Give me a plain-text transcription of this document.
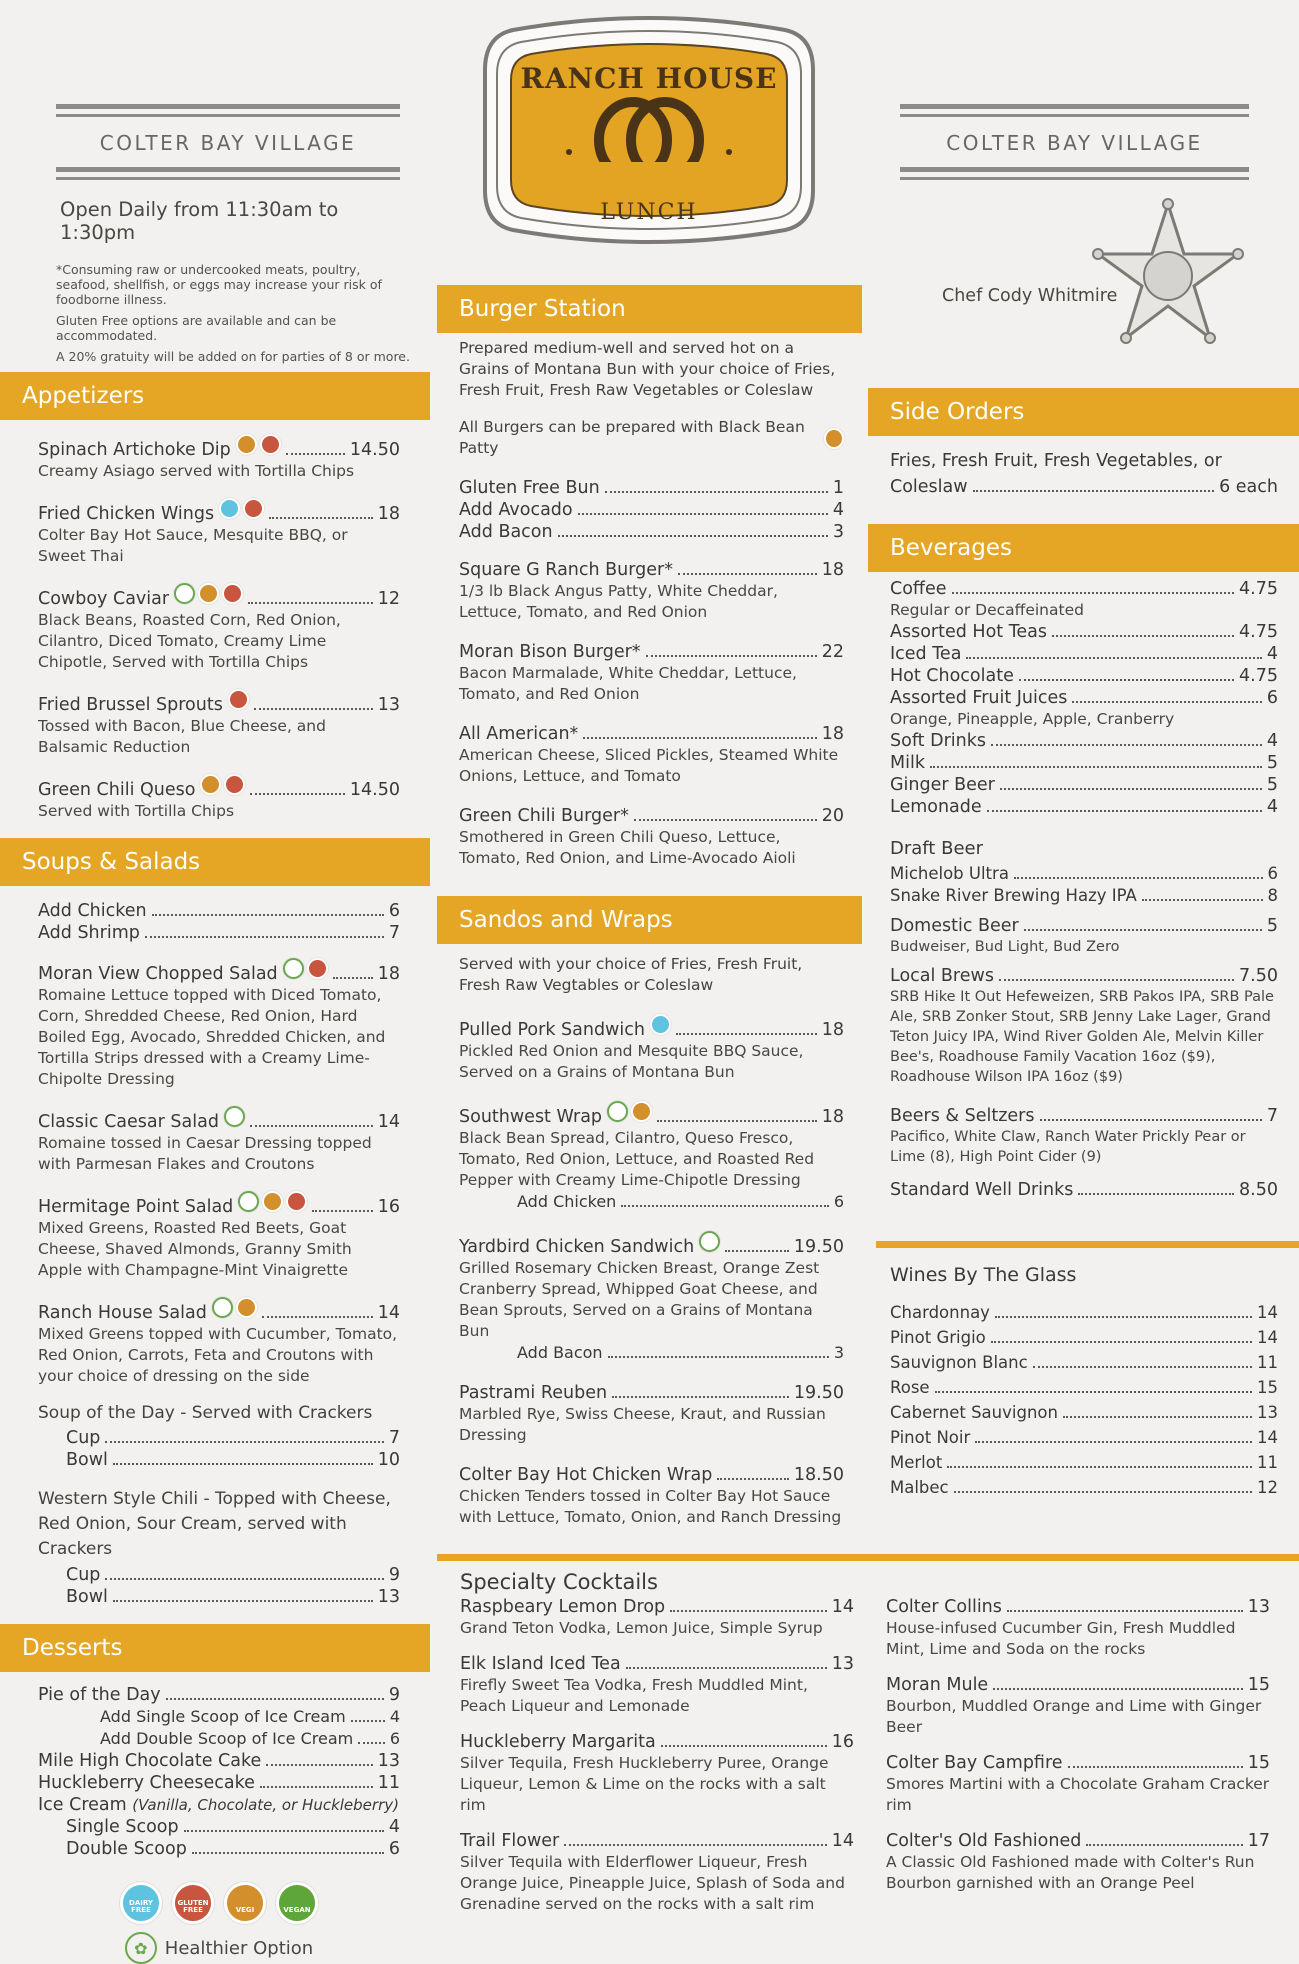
COLTER BAY VILLAGE
Open Daily from 11:30am to 1:30pm
*Consuming raw or undercooked meats, poultry, seafood, shellfish, or eggs may increase your risk of foodborne illness.
Gluten Free options are available and can be accommodated.
A 20% gratuity will be added on for parties of 8 or more.
Appetizers
Spinach Artichoke Dip	14.50
Creamy Asiago served with Tortilla Chips
Fried Chicken Wings	18
Colter Bay Hot Sauce, Mesquite BBQ, or Sweet Thai
Cowboy Caviar	12
Black Beans, Roasted Corn, Red Onion, Cilantro, Diced Tomato, Creamy Lime Chipotle, Served with Tortilla Chips
Fried Brussel Sprouts	13
Tossed with Bacon, Blue Cheese, and Balsamic Reduction
Green Chili Queso	14.50
Served with Tortilla Chips
Soups & Salads
Add Chicken	6
Add Shrimp	7
Moran View Chopped Salad	18
Romaine Lettuce topped with Diced Tomato, Corn, Shredded Cheese, Red Onion, Hard Boiled Egg, Avocado, Shredded Chicken, and Tortilla Strips dressed with a Creamy Lime-Chipolte Dressing
Classic Caesar Salad	14
Romaine tossed in Caesar Dressing topped with Parmesan Flakes and Croutons
Hermitage Point Salad	16
Mixed Greens, Roasted Red Beets, Goat Cheese, Shaved Almonds, Granny Smith Apple with Champagne-Mint Vinaigrette
Ranch House Salad	14
Mixed Greens topped with Cucumber, Tomato, Red Onion, Carrots, Feta and Croutons with your choice of dressing on the side
Soup of the Day - Served with Crackers
Cup	7
Bowl	10
Western Style Chili - Topped with Cheese, Red Onion, Sour Cream, served with Crackers
Cup	9
Bowl	13
Desserts
Pie of the Day	9
Add Single Scoop of Ice Cream	4
Add Double Scoop of Ice Cream 6
Mile High Chocolate Cake	13
Huckleberry Cheesecake	11
Ice Cream
(Vanilla, Chocolate, or Huckleberry)
Single Scoop	4
Double Scoop	6
DAIRY FREE
GLUTEN FREE	VEGI	VEGAN
✿ Healthier Option
RANCH HOUSE
LUNCH
Burger Station
Prepared medium-well and served hot on a Grains of Montana Bun with your choice of Fries, Fresh Fruit, Fresh Raw Vegetables or Coleslaw
All Burgers can be prepared with Black Bean Patty
Gluten Free Bun	1
Add Avocado	4
Add Bacon	3
Square G Ranch Burger*	18
1/3 lb Black Angus Patty, White Cheddar, Lettuce, Tomato, and Red Onion
Moran Bison Burger*	22
Bacon Marmalade, White Cheddar, Lettuce, Tomato, and Red Onion
All American*	18
American Cheese, Sliced Pickles, Steamed White Onions, Lettuce, and Tomato
Green Chili Burger*	20
Smothered in Green Chili Queso, Lettuce, Tomato, Red Onion, and Lime-Avocado Aioli
Sandos and Wraps
Served with your choice of Fries, Fresh Fruit, Fresh Raw Vegtables or Coleslaw
Pulled Pork Sandwich	18
Pickled Red Onion and Mesquite BBQ Sauce, Served on a Grains of Montana Bun
Southwest Wrap	18
Black Bean Spread, Cilantro, Queso Fresco, Tomato, Red Onion, Lettuce, and Roasted Red Pepper with Creamy Lime-Chipotle Dressing
Add Chicken	6
Yardbird Chicken Sandwich	19.50
Grilled Rosemary Chicken Breast, Orange Zest Cranberry Spread, Whipped Goat Cheese, and Bean Sprouts, Served on a Grains of Montana Bun
Add Bacon	3
Pastrami Reuben	19.50
Marbled Rye, Swiss Cheese, Kraut, and Russian Dressing
Colter Bay Hot Chicken Wrap	18.50
Chicken Tenders tossed in Colter Bay Hot Sauce with Lettuce, Tomato, Onion, and Ranch Dressing
COLTER BAY VILLAGE
Chef Cody Whitmire
Side Orders
Fries, Fresh Fruit, Fresh Vegetables, or
Coleslaw	6 each
Beverages
Coffee	4.75
Regular or Decaffeinated
Assorted Hot Teas	4.75
Iced Tea	4
Hot Chocolate	4.75
Assorted Fruit Juices	6
Orange, Pineapple, Apple, Cranberry
Soft Drinks	4
Milk	5
Ginger Beer	5
Lemonade	4
Draft Beer
Michelob Ultra	6
Snake River Brewing Hazy IPA	8
Domestic Beer	5
Budweiser, Bud Light, Bud Zero
Local Brews	7.50
SRB Hike It Out Hefeweizen, SRB Pakos IPA, SRB Pale Ale, SRB Zonker Stout, SRB Jenny Lake Lager, Grand Teton Juicy IPA, Wind River Golden Ale, Melvin Killer Bee's, Roadhouse Family Vacation 16oz ($9), Roadhouse Wilson IPA 16oz ($9)
Beers & Seltzers	7
Pacifico, White Claw, Ranch Water Prickly Pear or Lime (8), High Point Cider (9)
Standard Well Drinks	8.50
Wines By The Glass
Chardonnay	14
Pinot Grigio	14
Sauvignon Blanc	11
Rose	15
Cabernet Sauvignon	13
Pinot Noir	14
Merlot	11
Malbec	12
Specialty Cocktails
Raspbeary Lemon Drop	14
Grand Teton Vodka, Lemon Juice, Simple Syrup
Elk Island Iced Tea	13
Firefly Sweet Tea Vodka, Fresh Muddled Mint, Peach Liqueur and Lemonade
Huckleberry Margarita	16
Silver Tequila, Fresh Huckleberry Puree, Orange Liqueur, Lemon & Lime on the rocks with a salt rim
Trail Flower	14
Silver Tequila with Elderflower Liqueur, Fresh Orange Juice, Pineapple Juice, Splash of Soda and Grenadine served on the rocks with a salt rim
Colter Collins	13
House-infused Cucumber Gin, Fresh Muddled Mint, Lime and Soda on the rocks
Moran Mule	15
Bourbon, Muddled Orange and Lime with Ginger Beer
Colter Bay Campfire	15
Smores Martini with a Chocolate Graham Cracker rim
Colter's Old Fashioned	17
A Classic Old Fashioned made with Colter's Run Bourbon garnished with an Orange Peel
